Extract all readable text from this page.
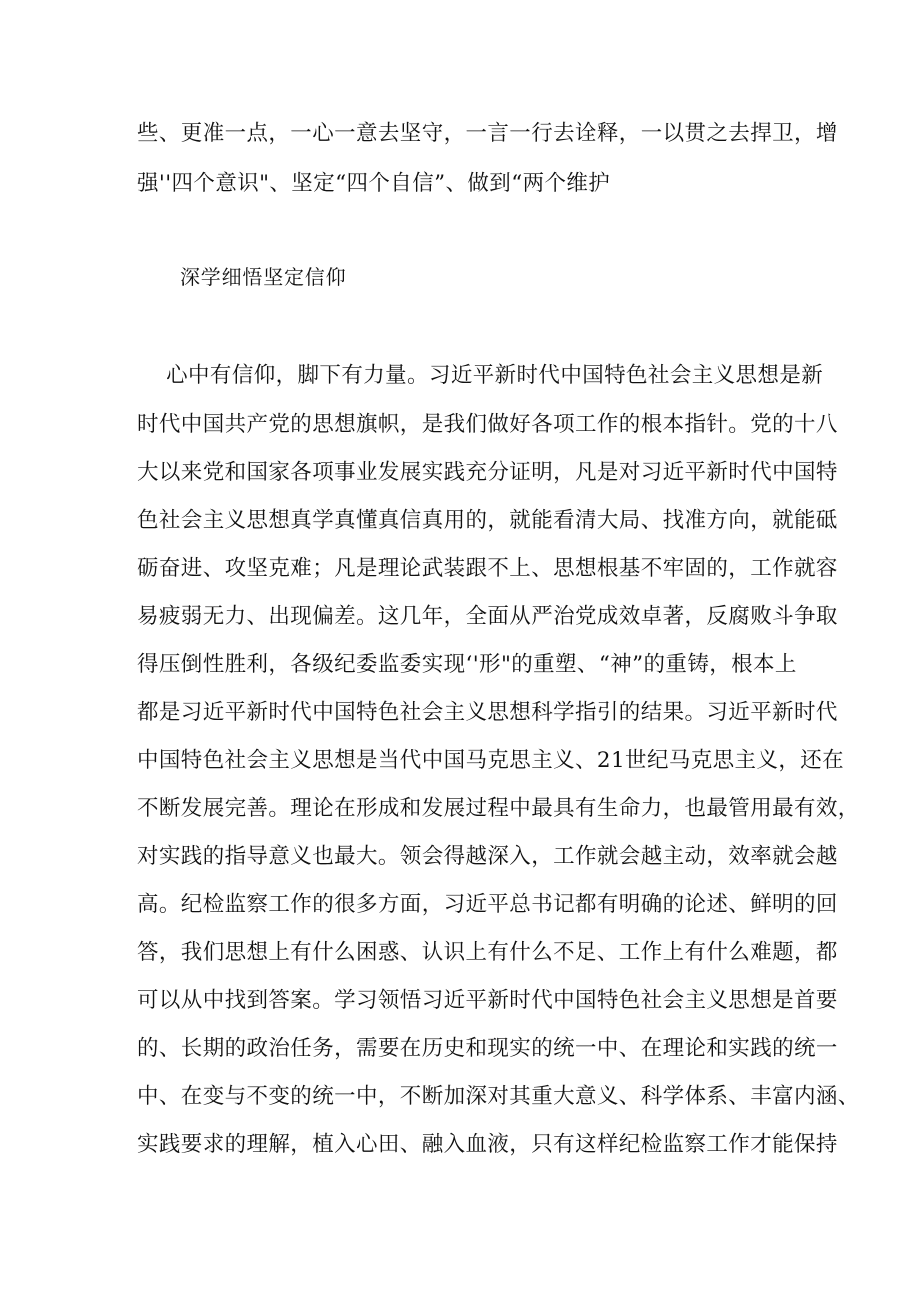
些、更准一点，一心一意去坚守，一言一行去诠释，一以贯之去捍卫，增
强''四个意识"、坚定“四个自信”、做到“两个维护
深学细悟坚定信仰
　 心中有信仰，脚下有力量。习近平新时代中国特色社会主义思想是新
时代中国共产党的思想旗帜，是我们做好各项工作的根本指针。党的十八
大以来党和国家各项事业发展实践充分证明，凡是对习近平新时代中国特
色社会主义思想真学真懂真信真用的，就能看清大局、找准方向，就能砥
砺奋进、攻坚克难；凡是理论武装跟不上、思想根基不牢固的，工作就容
易疲弱无力、出现偏差。这几年，全面从严治党成效卓著，反腐败斗争取
得压倒性胜利，各级纪委监委实现‘'形"的重塑、“神”的重铸，根本上
都是习近平新时代中国特色社会主义思想科学指引的结果。习近平新时代
中国特色社会主义思想是当代中国马克思主义、21世纪马克思主义，还在
不断发展完善。理论在形成和发展过程中最具有生命力，也最管用最有效，
对实践的指导意义也最大。领会得越深入，工作就会越主动，效率就会越
高。纪检监察工作的很多方面，习近平总书记都有明确的论述、鲜明的回
答，我们思想上有什么困惑、认识上有什么不足、工作上有什么难题，都
可以从中找到答案。学习领悟习近平新时代中国特色社会主义思想是首要
的、长期的政治任务，需要在历史和现实的统一中、在理论和实践的统一
中、在变与不变的统一中，不断加深对其重大意义、科学体系、丰富内涵、
实践要求的理解，植入心田、融入血液，只有这样纪检监察工作才能保持
